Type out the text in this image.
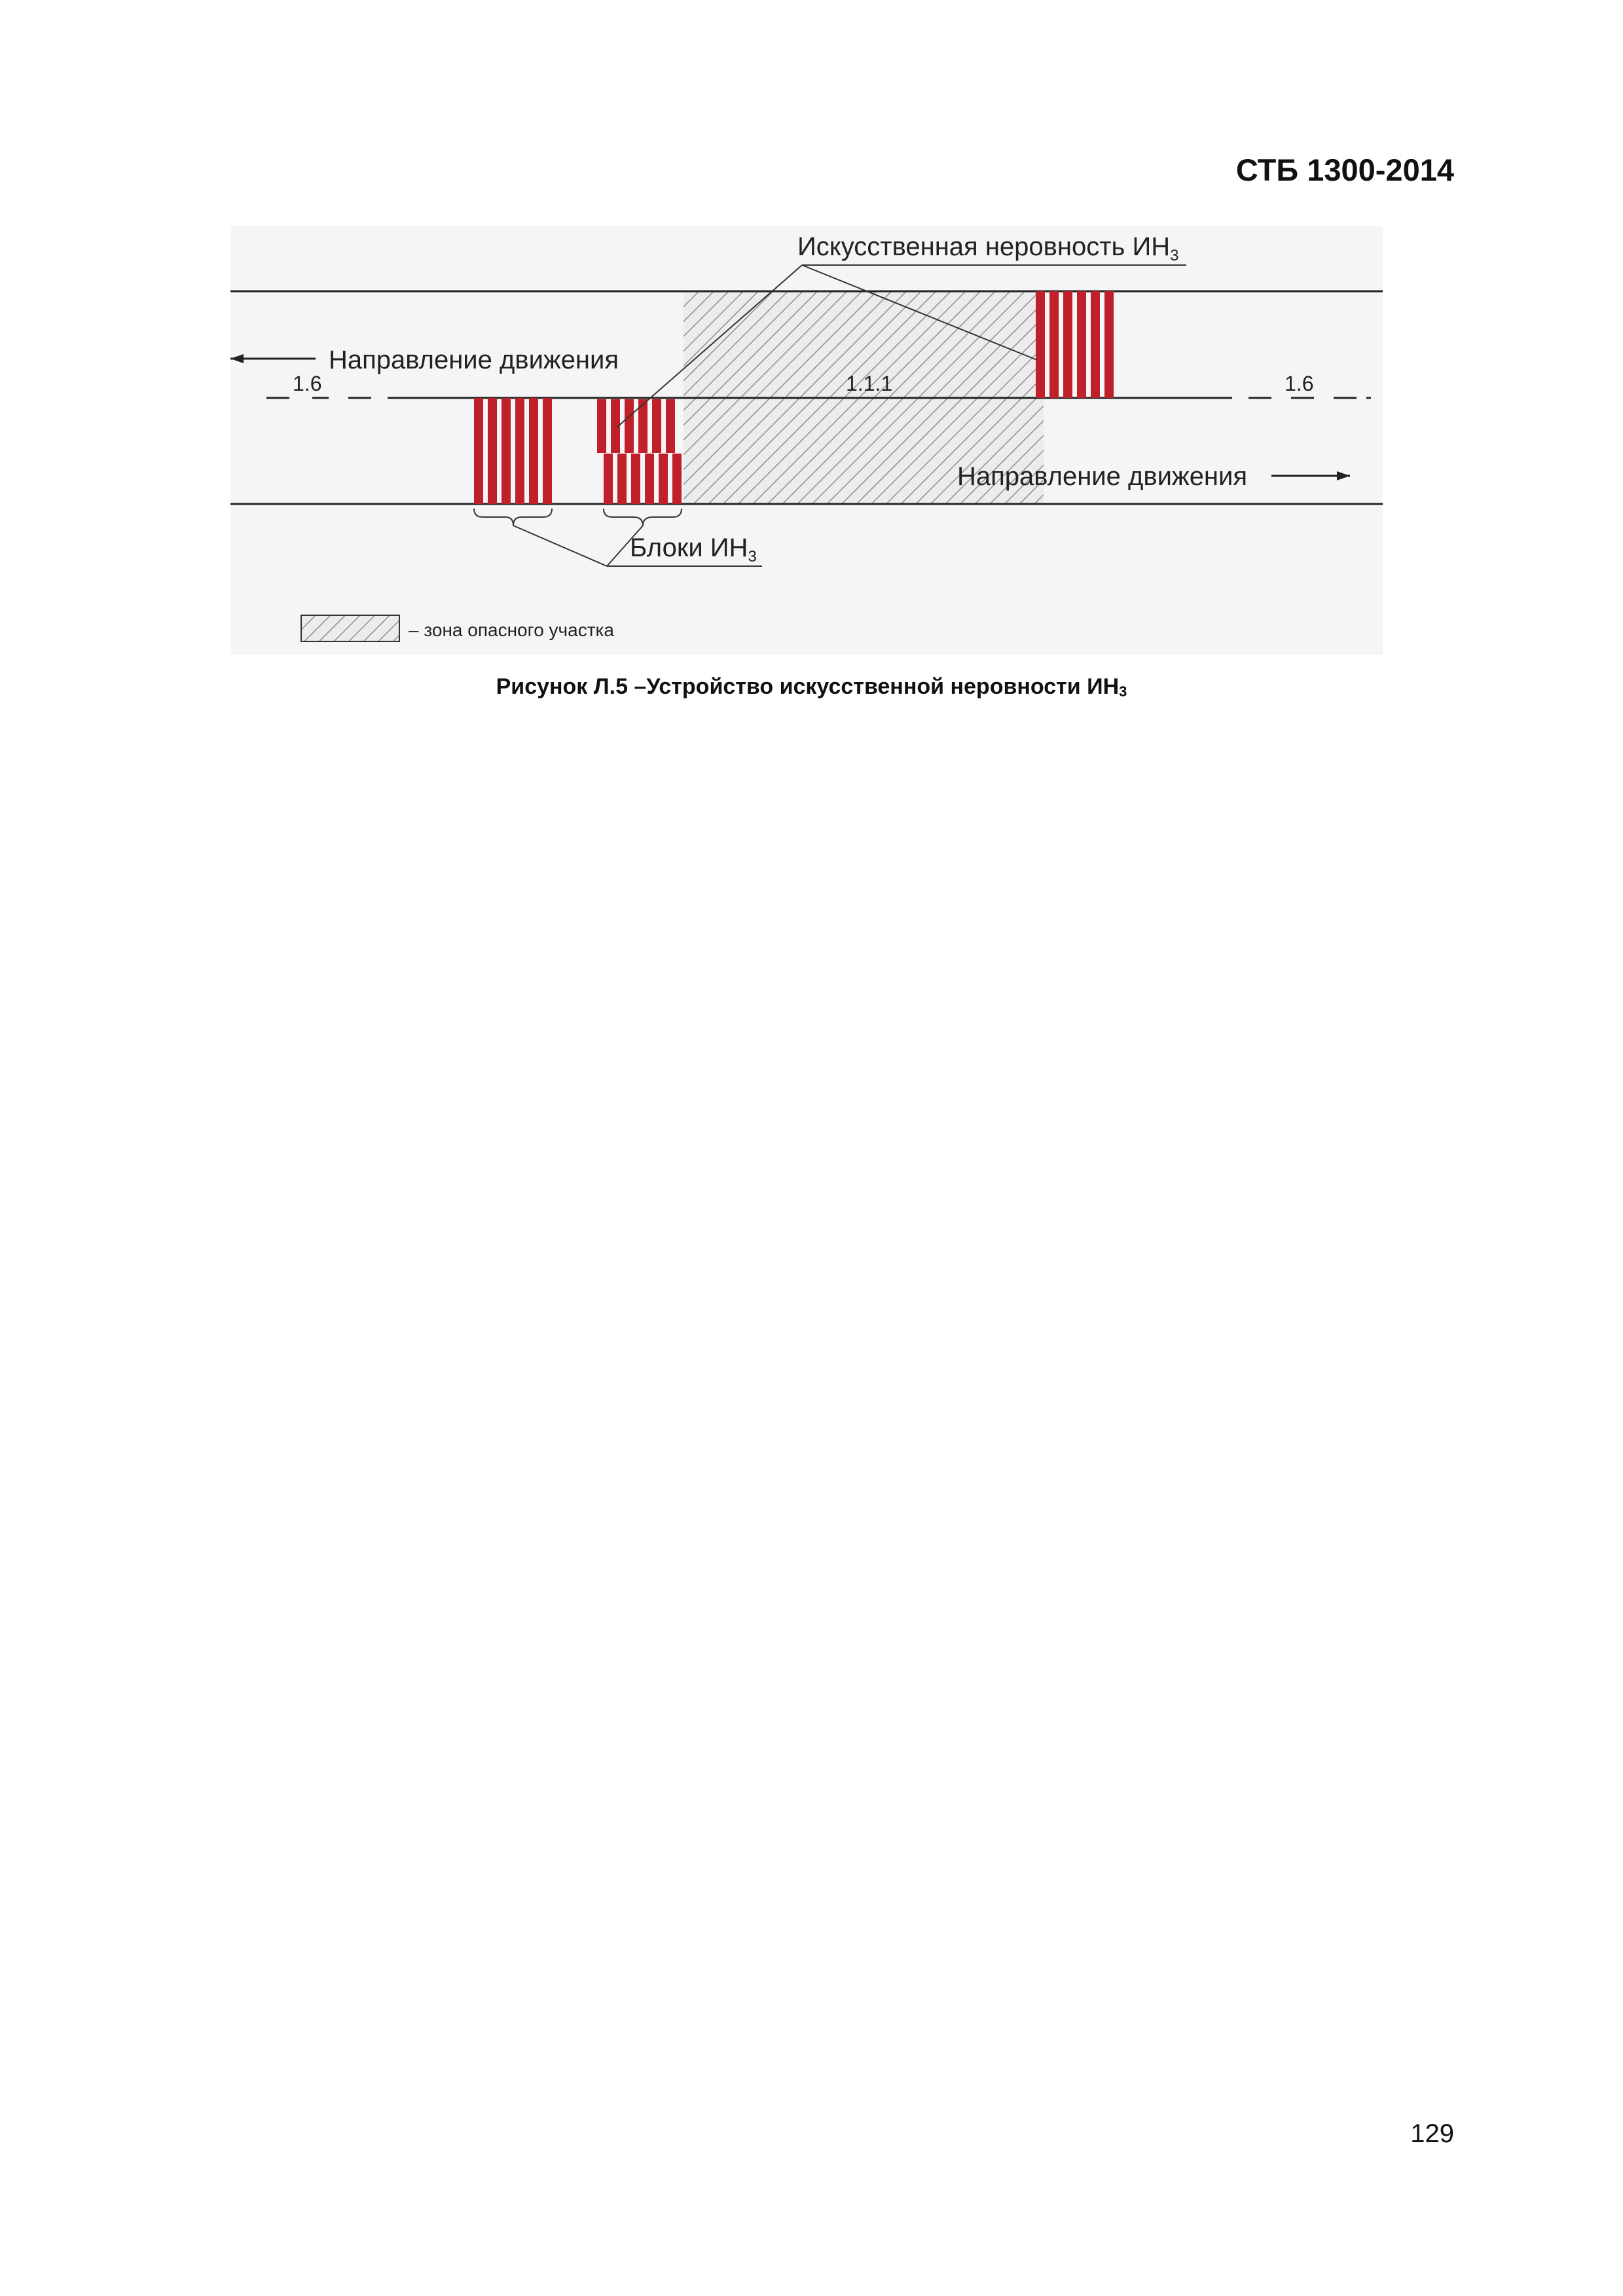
СТБ 1300-2014

Искусственная неровность $ИН_3$
Направление движения
1.6	1.1.1	1.6
Направление движения
Блоки $ИН_3$
– зона опасного участка

Рисунок Л.5 –Устройство искусственной неровности $ИН_3$

129
